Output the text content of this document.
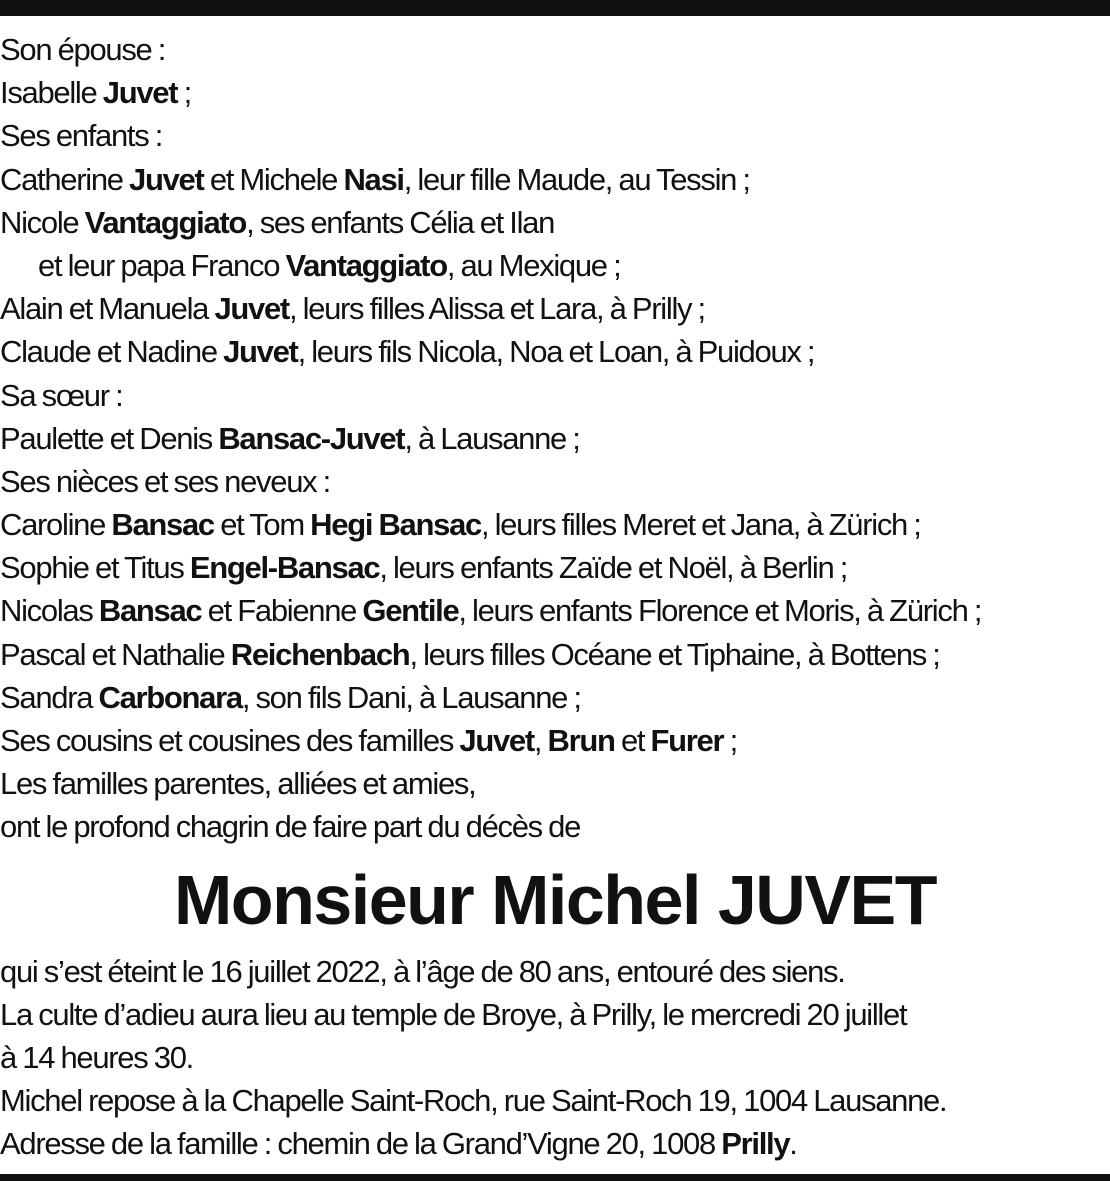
Son épouse :
Isabelle Juvet ;
Ses enfants :
Catherine Juvet et Michele Nasi, leur fille Maude, au Tessin ;
Nicole Vantaggiato, ses enfants Célia et Ilan
et leur papa Franco Vantaggiato, au Mexique ;
Alain et Manuela Juvet, leurs filles Alissa et Lara, à Prilly ;
Claude et Nadine Juvet, leurs fils Nicola, Noa et Loan, à Puidoux ;
Sa sœur :
Paulette et Denis Bansac-Juvet, à Lausanne ;
Ses nièces et ses neveux :
Caroline Bansac et Tom Hegi Bansac, leurs filles Meret et Jana, à Zürich ;
Sophie et Titus Engel-Bansac, leurs enfants Zaïde et Noël, à Berlin ;
Nicolas Bansac et Fabienne Gentile, leurs enfants Florence et Moris, à Zürich ;
Pascal et Nathalie Reichenbach, leurs filles Océane et Tiphaine, à Bottens ;
Sandra Carbonara, son fils Dani, à Lausanne ;
Ses cousins et cousines des familles Juvet, Brun et Furer ;
Les familles parentes, alliées et amies,
ont le profond chagrin de faire part du décès de
Monsieur Michel JUVET
qui s’est éteint le 16 juillet 2022, à l’âge de 80 ans, entouré des siens.
La culte d’adieu aura lieu au temple de Broye, à Prilly, le mercredi 20 juillet
à 14 heures 30.
Michel repose à la Chapelle Saint-Roch, rue Saint-Roch 19, 1004 Lausanne.
Adresse de la famille : chemin de la Grand’Vigne 20, 1008 Prilly.
